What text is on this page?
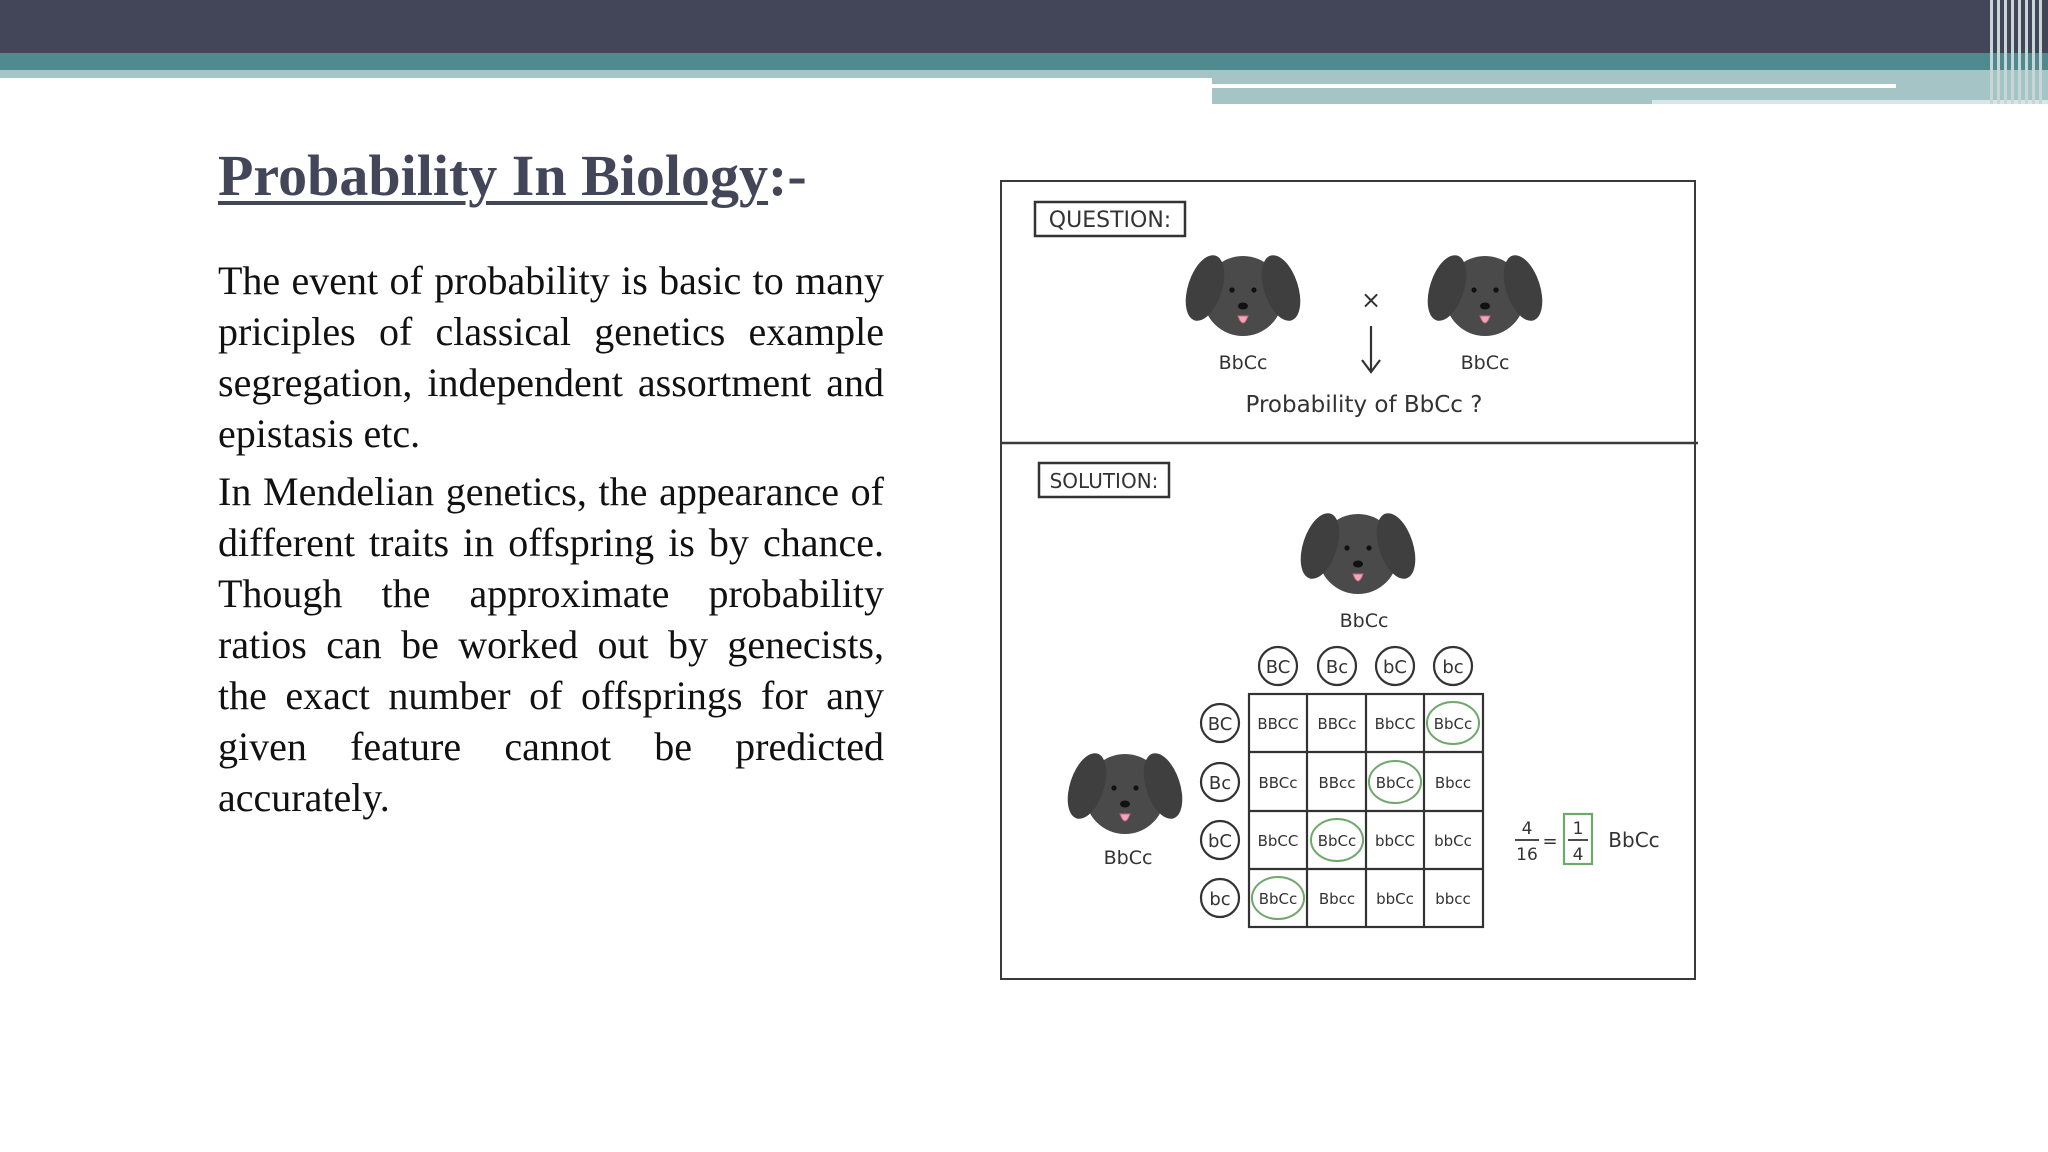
Probability In Biology:-

The event of probability is basic to many priciples of classical genetics example segregation, independent assortment and epistasis etc.

In Mendelian genetics, the appearance of different traits in offspring is by chance. Though the approximate probability ratios can be worked out by genecists, the exact number of offsprings for any given feature cannot be predicted accurately.

QUESTION:
BbCc
×
BbCc
Probability of BbCc ?
SOLUTION:
BbCc
BbCc
BC Bc bC bc
BC
Bc
bC
bc
BBCC BBCc BbCC BbCc
BBCc BBcc BbCc Bbcc
BbCC BbCc bbCC bbCc
BbCc Bbcc bbCc bbcc
4
16
=
1
4
BbCc
